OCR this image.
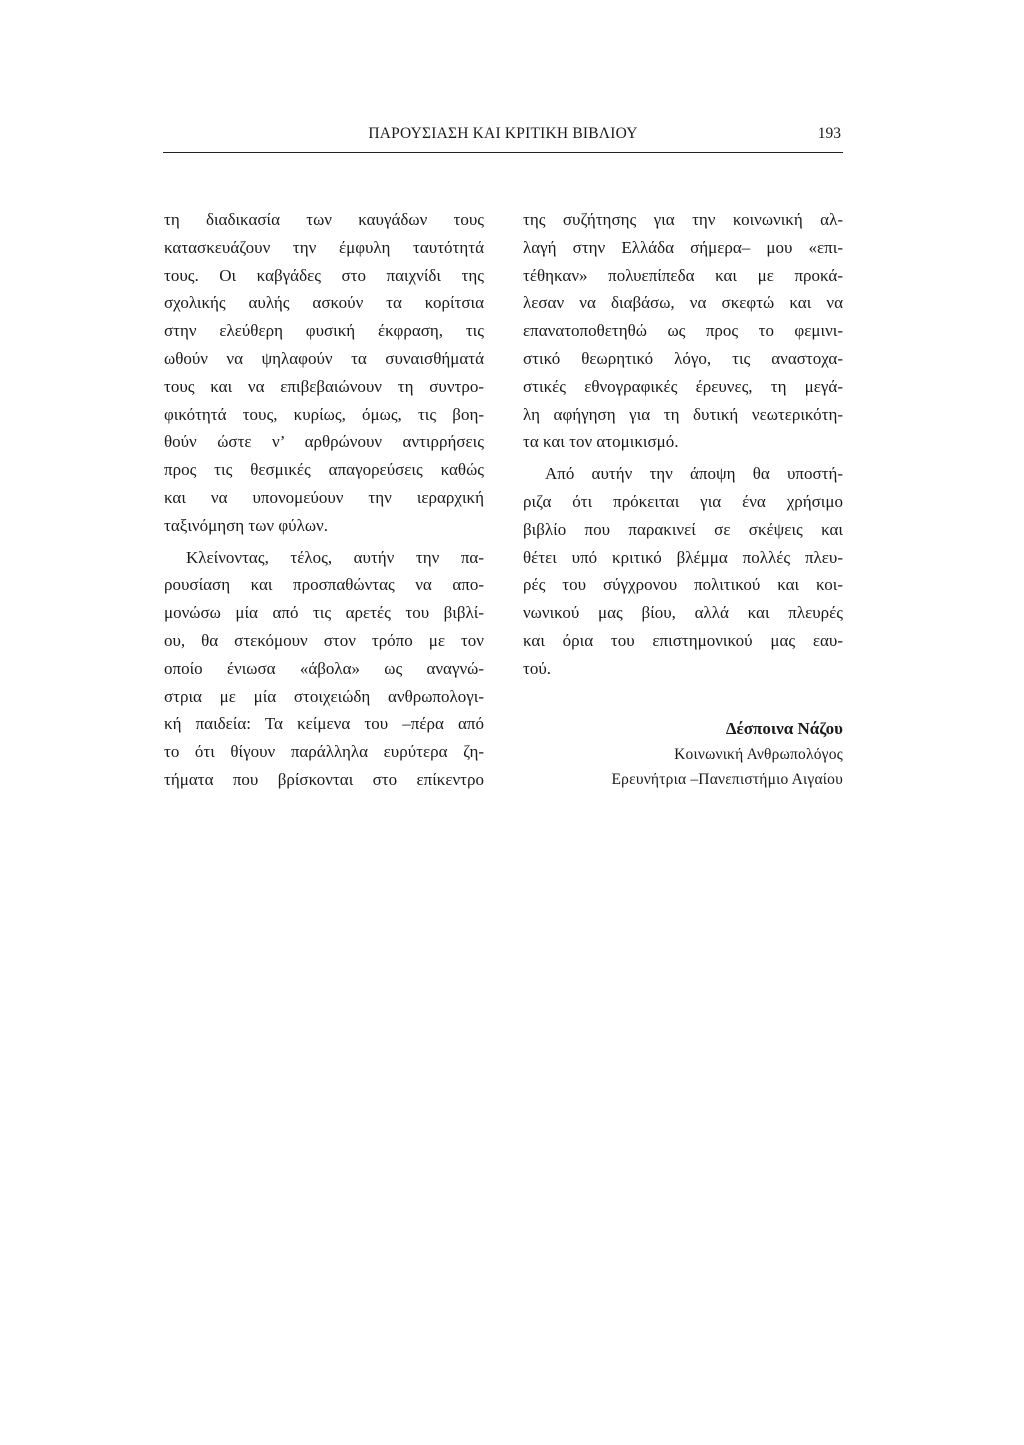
ΠΑΡΟΥΣΙΑΣΗ ΚΑΙ ΚΡΙΤΙΚΗ ΒΙΒΛΙΟΥ	193
τη διαδικασία των καυγάδων τους
κατασκευάζουν την έμφυλη ταυτότητά
τους. Οι καβγάδες στο παιχνίδι της
σχολικής αυλής ασκούν τα κορίτσια
στην ελεύθερη φυσική έκφραση, τις
ωθούν να ψηλαφούν τα συναισθήματά
τους και να επιβεβαιώνουν τη συντρο-
φικότητά τους, κυρίως, όμως, τις βοη-
θούν ώστε ν’ αρθρώνουν αντιρρήσεις
προς τις θεσμικές απαγορεύσεις καθώς
και να υπονομεύουν την ιεραρχική
ταξινόμηση των φύλων.
Κλείνοντας, τέλος, αυτήν την πα-
ρουσίαση και προσπαθώντας να απο-
μονώσω μία από τις αρετές του βιβλί-
ου, θα στεκόμουν στον τρόπο με τον
οποίο ένιωσα «άβολα» ως αναγνώ-
στρια με μία στοιχειώδη ανθρωπολογι-
κή παιδεία: Τα κείμενα του –πέρα από
το ότι θίγουν παράλληλα ευρύτερα ζη-
τήματα που βρίσκονται στο επίκεντρο
της συζήτησης για την κοινωνική αλ-
λαγή στην Ελλάδα σήμερα– μου «επι-
τέθηκαν» πολυεπίπεδα και με προκά-
λεσαν να διαβάσω, να σκεφτώ και να
επανατοποθετηθώ ως προς το φεμινι-
στικό θεωρητικό λόγο, τις αναστοχα-
στικές εθνογραφικές έρευνες, τη μεγά-
λη αφήγηση για τη δυτική νεωτερικότη-
τα και τον ατομικισμό.
Από αυτήν την άποψη θα υποστή-
ριζα ότι πρόκειται για ένα χρήσιμο
βιβλίο που παρακινεί σε σκέψεις και
θέτει υπό κριτικό βλέμμα πολλές πλευ-
ρές του σύγχρονου πολιτικού και κοι-
νωνικού μας βίου, αλλά και πλευρές
και όρια του επιστημονικού μας εαυ-
τού.
Δέσποινα Νάζου
Κοινωνική Ανθρωπολόγος
Ερευνήτρια –Πανεπιστήμιο Αιγαίου
